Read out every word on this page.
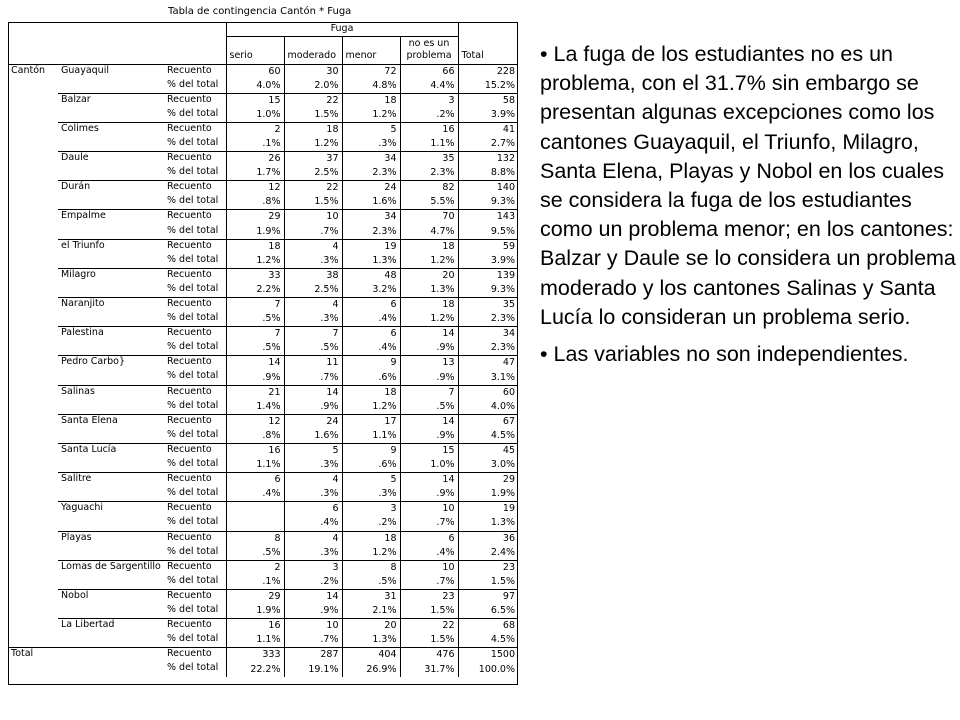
Tabla de contingencia Cantón * Fuga
			Fuga				
			serio	moderado	menor	no es un
problema	Total
Cantón	Guayaquil	Recuento	60	30	72	66	228
		% del total	4.0%	2.0%	4.8%	4.4%	15.2%
	Balzar	Recuento	15	22	18	3	58
		% del total	1.0%	1.5%	1.2%	.2%	3.9%
	Colimes	Recuento	2	18	5	16	41
		% del total	.1%	1.2%	.3%	1.1%	2.7%
	Daule	Recuento	26	37	34	35	132
		% del total	1.7%	2.5%	2.3%	2.3%	8.8%
	Durán	Recuento	12	22	24	82	140
		% del total	.8%	1.5%	1.6%	5.5%	9.3%
	Empalme	Recuento	29	10	34	70	143
		% del total	1.9%	.7%	2.3%	4.7%	9.5%
	el Triunfo	Recuento	18	4	19	18	59
		% del total	1.2%	.3%	1.3%	1.2%	3.9%
	Milagro	Recuento	33	38	48	20	139
		% del total	2.2%	2.5%	3.2%	1.3%	9.3%
	Naranjito	Recuento	7	4	6	18	35
		% del total	.5%	.3%	.4%	1.2%	2.3%
	Palestina	Recuento	7	7	6	14	34
		% del total	.5%	.5%	.4%	.9%	2.3%
	Pedro Carbo}	Recuento	14	11	9	13	47
		% del total	.9%	.7%	.6%	.9%	3.1%
	Salinas	Recuento	21	14	18	7	60
		% del total	1.4%	.9%	1.2%	.5%	4.0%
	Santa Elena	Recuento	12	24	17	14	67
		% del total	.8%	1.6%	1.1%	.9%	4.5%
	Santa Lucía	Recuento	16	5	9	15	45
		% del total	1.1%	.3%	.6%	1.0%	3.0%
	Salitre	Recuento	6	4	5	14	29
		% del total	.4%	.3%	.3%	.9%	1.9%
	Yaguachi	Recuento		6	3	10	19
		% del total		.4%	.2%	.7%	1.3%
	Playas	Recuento	8	4	18	6	36
		% del total	.5%	.3%	1.2%	.4%	2.4%
	Lomas de Sargentillo	Recuento	2	3	8	10	23
		% del total	.1%	.2%	.5%	.7%	1.5%
	Nobol	Recuento	29	14	31	23	97
		% del total	1.9%	.9%	2.1%	1.5%	6.5%
	La Libertad	Recuento	16	10	20	22	68
		% del total	1.1%	.7%	1.3%	1.5%	4.5%
Total		Recuento	333	287	404	476	1500
		% del total	22.2%	19.1%	26.9%	31.7%	100.0%
• La fuga de los estudiantes no es un problema, con el 31.7% sin embargo se presentan algunas excepciones como los cantones Guayaquil, el Triunfo, Milagro, Santa Elena, Playas y Nobol en los cuales se considera la fuga de los estudiantes como un problema menor; en los cantones: Balzar y Daule se lo considera un problema moderado y los cantones Salinas y Santa Lucía lo consideran un problema serio.
• Las variables no son independientes.
